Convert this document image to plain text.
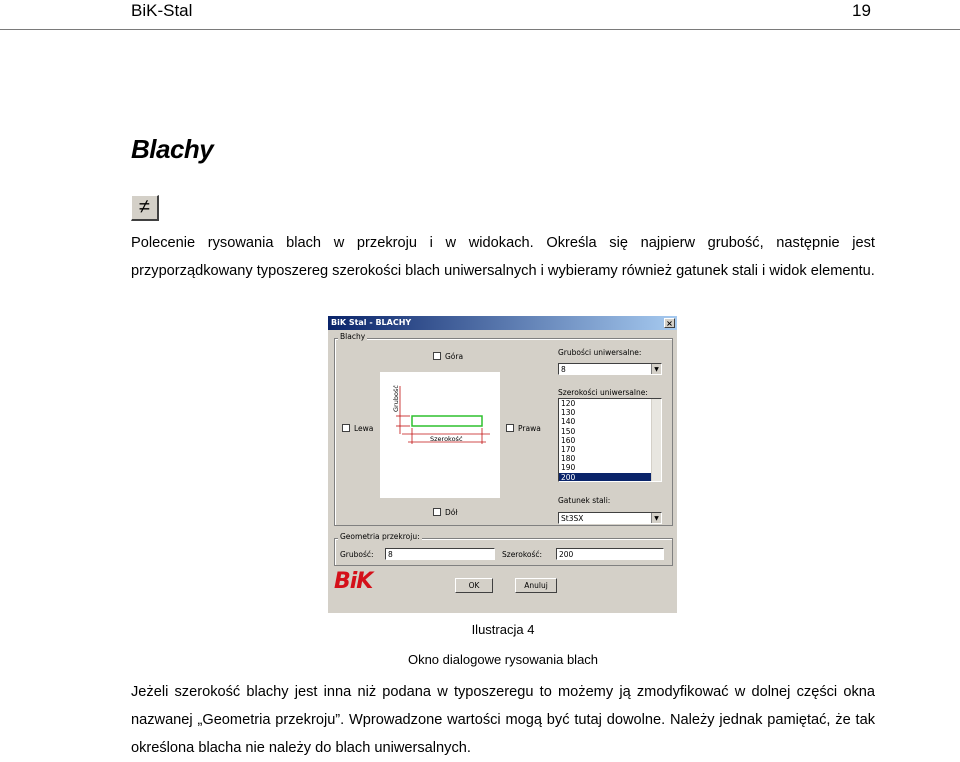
BiK-Stal	19
Blachy
≠
Polecenie rysowania blach w przekroju i w widokach. Określa się najpierw grubość, następnie jest przyporządkowany typoszereg szerokości blach uniwersalnych i wybieramy również gatunek stali i widok elementu.
BiK Stal - BLACHY	×
Blachy
Góra
Lewa	Prawa
Dół
Grubość
Szerokość
Grubości uniwersalne:
8	▼
Szerokości uniwersalne:
120
130
140
150
160
170
180
190
200
Gatunek stali:
St3SX	▼
Geometria przekroju:
Grubość:	8	Szerokość:	200
BiK	OK	Anuluj
Ilustracja 4
Okno dialogowe rysowania blach
Jeżeli szerokość blachy jest inna niż podana w typoszeregu to możemy ją zmodyfikować w dolnej części okna nazwanej „Geometria przekroju”. Wprowadzone wartości mogą być tutaj dowolne. Należy jednak pamiętać, że tak określona blacha nie należy do blach uniwersalnych.
